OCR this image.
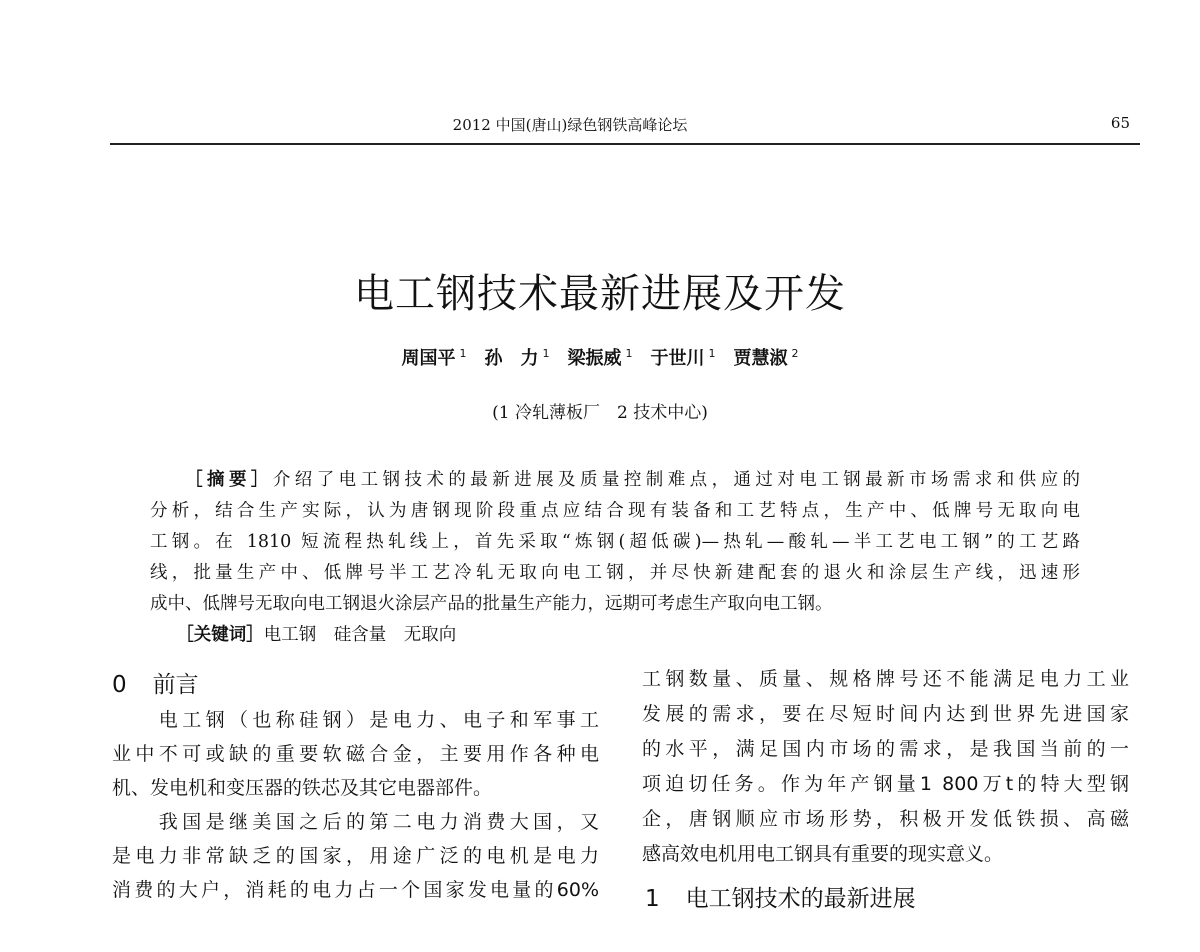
2012 中国(唐山)绿色钢铁高峰论坛	65
电工钢技术最新进展及开发
周国平 $^1$ 孙　力 $^1$ 梁振威 $^1$ 于世川 $^1$ 贾慧淑 $^2$
(1 冷轧薄板厂　2 技术中心)
　　［摘要］介绍了电工钢技术的最新进展及质量控制难点，通过对电工钢最新市场需求和供应的
分析，结合生产实际，认为唐钢现阶段重点应结合现有装备和工艺特点，生产中、低牌号无取向电
工钢。在 1810 短流程热轧线上，首先采取“炼钢(超低碳)—热轧—酸轧—半工艺电工钢”的工艺路
线，批量生产中、低牌号半工艺冷轧无取向电工钢，并尽快新建配套的退火和涂层生产线，迅速形
成中、低牌号无取向电工钢退火涂层产品的批量生产能力，远期可考虑生产取向电工钢。
　　［关键词］电工钢　硅含量　无取向
0 前言
　　电工钢（也称硅钢）是电力、电子和军事工
业中不可或缺的重要软磁合金，主要用作各种电
机、发电机和变压器的铁芯及其它电器部件。
　　我国是继美国之后的第二电力消费大国，又
是电力非常缺乏的国家，用途广泛的电机是电力
消费的大户，消耗的电力占一个国家发电量的60%
工钢数量、质量、规格牌号还不能满足电力工业
发展的需求，要在尽短时间内达到世界先进国家
的水平，满足国内市场的需求，是我国当前的一
项迫切任务。作为年产钢量1 800万t的特大型钢
企，唐钢顺应市场形势，积极开发低铁损、高磁
感高效电机用电工钢具有重要的现实意义。
1 电工钢技术的最新进展
